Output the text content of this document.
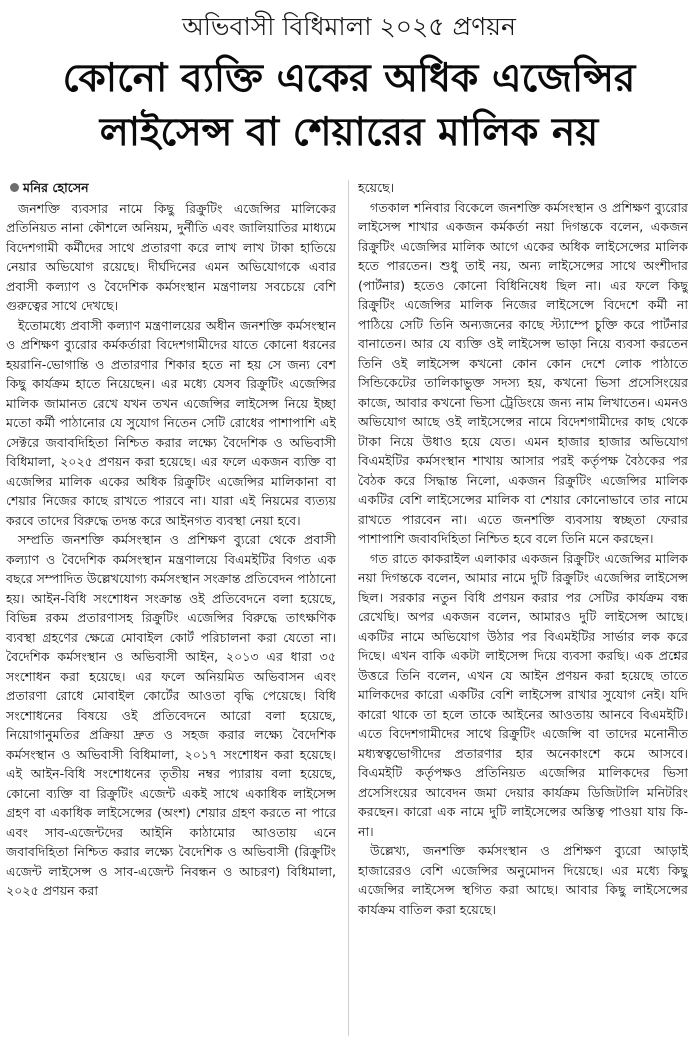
অভিবাসী বিধিমালা ২০২৫ প্রণয়ন
কোনো ব্যক্তি একের অধিক এজেন্সির
লাইসেন্স বা শেয়ারের মালিক নয়
মনির হোসেন

জনশক্তি ব্যবসার নামে কিছু রিক্রুটিং এজেন্সির মালিকের প্রতিনিয়ত নানা কৌশলে অনিয়ম, দুর্নীতি এবং জালিয়াতির মাধ্যমে বিদেশগামী কর্মীদের সাথে প্রতারণা করে লাখ লাখ টাকা হাতিয়ে নেয়ার অভিযোগ রয়েছে। দীর্ঘদিনের এমন অভিযোগকে এবার প্রবাসী কল্যাণ ও বৈদেশিক কর্মসংস্থান মন্ত্রণালয় সবচেয়ে বেশি গুরুত্বের সাথে দেখছে।

ইতোমধ্যে প্রবাসী কল্যাণ মন্ত্রণালয়ের অধীন জনশক্তি কর্মসংস্থান ও প্রশিক্ষণ ব্যুরোর কর্মকর্তারা বিদেশগামীদের যাতে কোনো ধরনের হয়রানি-ভোগান্তি ও প্রতারণার শিকার হতে না হয় সে জন্য বেশ কিছু কার্যক্রম হাতে নিয়েছেন। এর মধ্যে যেসব রিক্রুটিং এজেন্সির মালিক জামানত রেখে যখন তখন এজেন্সির লাইসেন্স নিয়ে ইচ্ছা মতো কর্মী পাঠানোর যে সুযোগ নিতেন সেটি রোধের পাশাপাশি এই সেক্টরে জবাবদিহিতা নিশ্চিত করার লক্ষ্যে বৈদেশিক ও অভিবাসী বিধিমালা, ২০২৫ প্রণয়ন করা হয়েছে। এর ফলে একজন ব্যক্তি বা এজেন্সির মালিক একের অধিক রিক্রুটিং এজেন্সির মালিকানা বা শেয়ার নিজের কাছে রাখতে পারবে না। যারা এই নিয়মের ব্যত্যয় করবে তাদের বিরুদ্ধে তদন্ত করে আইনগত ব্যবস্থা নেয়া হবে।

সম্প্রতি জনশক্তি কর্মসংস্থান ও প্রশিক্ষণ ব্যুরো থেকে প্রবাসী কল্যাণ ও বৈদেশিক কর্মসংস্থান মন্ত্রণালয়ে বিএমইটির বিগত এক বছরে সম্পাদিত উল্লেখযোগ্য কর্মসংস্থান সংক্রান্ত প্রতিবেদন পাঠানো হয়। আইন-বিধি সংশোধন সংক্রান্ত ওই প্রতিবেদনে বলা হয়েছে, বিভিন্ন রকম প্রতারণাসহ রিক্রুটিং এজেন্সির বিরুদ্ধে তাৎক্ষণিক ব্যবস্থা গ্রহণের ক্ষেত্রে মোবাইল কোর্ট পরিচালনা করা যেতো না। বৈদেশিক কর্মসংস্থান ও অভিবাসী আইন, ২০১৩ এর ধারা ৩৫ সংশোধন করা হয়েছে। এর ফলে অনিয়মিত অভিবাসন এবং প্রতারণা রোধে মোবাইল কোর্টের আওতা বৃদ্ধি পেয়েছে। বিধি সংশোধনের বিষয়ে ওই প্রতিবেদনে আরো বলা হয়েছে, নিয়োগানুমতির প্রক্রিয়া দ্রুত ও সহজ করার লক্ষ্যে বৈদেশিক কর্মসংস্থান ও অভিবাসী বিধিমালা, ২০১৭ সংশোধন করা হয়েছে। এই আইন-বিধি সংশোধনের তৃতীয় নম্বর প্যারায় বলা হয়েছে, কোনো ব্যক্তি বা রিক্রুটিং এজেন্ট একই সাথে একাধিক লাইসেন্স গ্রহণ বা একাধিক লাইসেন্সের (অংশ) শেয়ার গ্রহণ করতে না পারে এবং সাব-এজেন্টদের আইনি কাঠামোর আওতায় এনে জবাবদিহিতা নিশ্চিত করার লক্ষ্যে বৈদেশিক ও অভিবাসী (রিক্রুটিং এজেন্ট লাইসেন্স ও সাব-এজেন্ট নিবন্ধন ও আচরণ) বিধিমালা, ২০২৫ প্রণয়ন করা

হয়েছে।

গতকাল শনিবার বিকেলে জনশক্তি কর্মসংস্থান ও প্রশিক্ষণ ব্যুরোর লাইসেন্স শাখার একজন কর্মকর্তা নয়া দিগন্তকে বলেন, একজন রিক্রুটিং এজেন্সির মালিক আগে একের অধিক লাইসেন্সের মালিক হতে পারতেন। শুধু তাই নয়, অন্য লাইসেন্সের সাথে অংশীদার (পার্টনার) হতেও কোনো বিধিনিষেধ ছিল না। এর ফলে কিছু রিক্রুটিং এজেন্সির মালিক নিজের লাইসেন্সে বিদেশে কর্মী না পাঠিয়ে সেটি তিনি অন্যজনের কাছে স্ট্যাম্পে চুক্তি করে পার্টনার বানাতেন। আর যে ব্যক্তি ওই লাইসেন্স ভাড়া নিয়ে ব্যবসা করতেন তিনি ওই লাইসেন্স কখনো কোন কোন দেশে লোক পাঠাতে সিন্ডিকেটের তালিকাভুক্ত সদস্য হয়, কখনো ভিসা প্রসেসিংয়ের কাজে, আবার কখনো ভিসা ট্রেডিংয়ে জন্য নাম লিখাতেন। এমনও অভিযোগ আছে ওই লাইসেন্সের নামে বিদেশগামীদের কাছ থেকে টাকা নিয়ে উধাও হয়ে যেত। এমন হাজার হাজার অভিযোগ বিএমইটির কর্মসংস্থান শাখায় আসার পরই কর্তৃপক্ষ বৈঠকের পর বৈঠক করে সিদ্ধান্ত নিলো, একজন রিক্রুটিং এজেন্সির মালিক একটির বেশি লাইসেন্সের মালিক বা শেয়ার কোনোভাবে তার নামে রাখতে পারবেন না। এতে জনশক্তি ব্যবসায় স্বচ্ছতা ফেরার পাশাপাশি জবাবদিহিতা নিশ্চিত হবে বলে তিনি মনে করছেন।

গত রাতে কাকরাইল এলাকার একজন রিক্রুটিং এজেন্সির মালিক নয়া দিগন্তকে বলেন, আমার নামে দুটি রিক্রুটিং এজেন্সির লাইসেন্স ছিল। সরকার নতুন বিধি প্রণয়ন করার পর সেটির কার্যক্রম বন্ধ রেখেছি। অপর একজন বলেন, আমারও দুটি লাইসেন্স আছে। একটির নামে অভিযোগ উঠার পর বিএমইটির সার্ভার লক করে দিছে। এখন বাকি একটা লাইসেন্স দিয়ে ব্যবসা করছি। এক প্রশ্নের উত্তরে তিনি বলেন, এখন যে আইন প্রণয়ন করা হয়েছে তাতে মালিকদের কারো একটির বেশি লাইসেন্স রাখার সুযোগ নেই। যদি কারো থাকে তা হলে তাকে আইনের আওতায় আনবে বিএমইটি। এতে বিদেশগামীদের সাথে রিক্রুটিং এজেন্সি বা তাদের মনোনীত মধ্যস্বত্বভোগীদের প্রতারণার হার অনেকাংশে কমে আসবে। বিএমইটি কর্তৃপক্ষও প্রতিনিয়ত এজেন্সির মালিকদের ভিসা প্রসেসিংয়ের আবেদন জমা দেয়ার কার্যক্রম ডিজিটালি মনিটরিং করছেন। কারো এক নামে দুটি লাইসেন্সের অস্তিত্ব পাওয়া যায় কি-না।

উল্লেখ্য, জনশক্তি কর্মসংস্থান ও প্রশিক্ষণ ব্যুরো আড়াই হাজারেরও বেশি এজেন্সির অনুমোদন দিয়েছে। এর মধ্যে কিছু এজেন্সির লাইসেন্স স্থগিত করা আছে। আবার কিছু লাইসেন্সের কার্যক্রম বাতিল করা হয়েছে।
